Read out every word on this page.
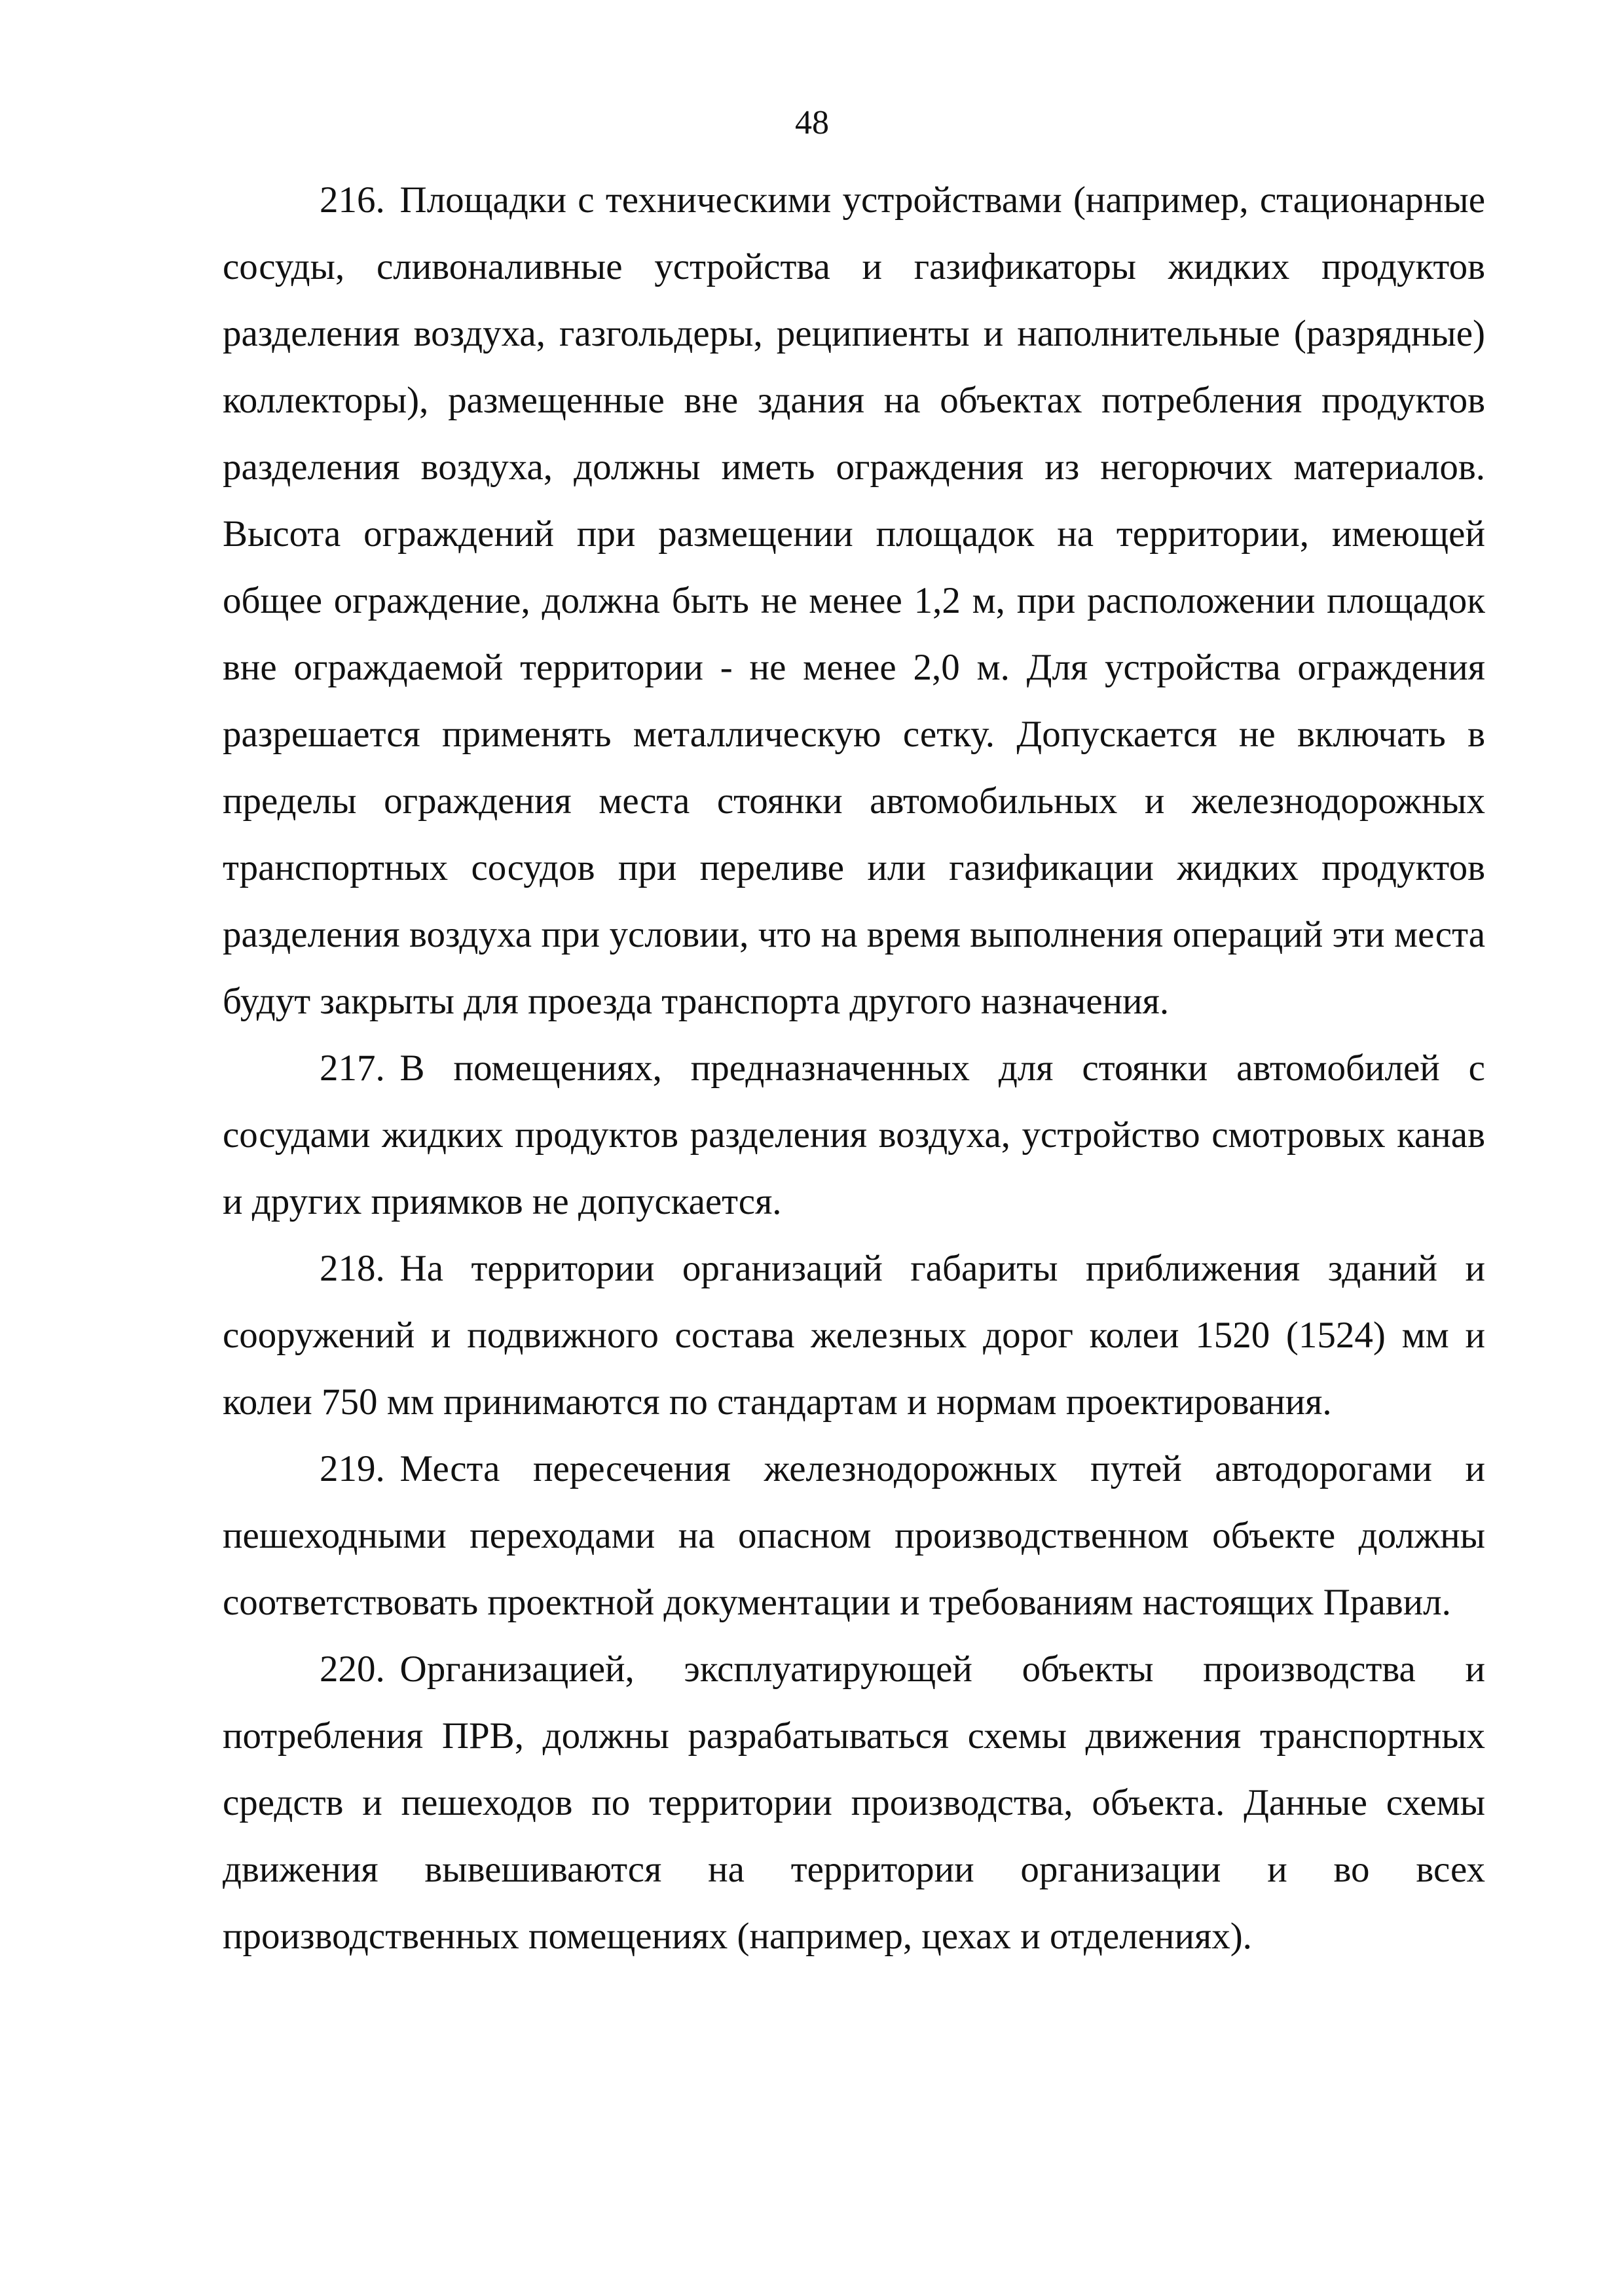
48

216. Площадки с техническими устройствами (например, стационарные сосуды, сливоналивные устройства и газификаторы жидких продуктов разделения воздуха, газгольдеры, реципиенты и наполнительные (разрядные) коллекторы), размещенные вне здания на объектах потребления продуктов разделения воздуха, должны иметь ограждения из негорючих материалов. Высота ограждений при размещении площадок на территории, имеющей общее ограждение, должна быть не менее 1,2 м, при расположении площадок вне ограждаемой территории - не менее 2,0 м. Для устройства ограждения разрешается применять металлическую сетку. Допускается не включать в пределы ограждения места стоянки автомобильных и железнодорожных транспортных сосудов при переливе или газификации жидких продуктов разделения воздуха при условии, что на время выполнения операций эти места будут закрыты для проезда транспорта другого назначения.

217. В помещениях, предназначенных для стоянки автомобилей с сосудами жидких продуктов разделения воздуха, устройство смотровых канав и других приямков не допускается.

218. На территории организаций габариты приближения зданий и сооружений и подвижного состава железных дорог колеи 1520 (1524) мм и колеи 750 мм принимаются по стандартам и нормам проектирования.

219. Места пересечения железнодорожных путей автодорогами и пешеходными переходами на опасном производственном объекте должны соответствовать проектной документации и требованиям настоящих Правил.

220. Организацией, эксплуатирующей объекты производства и потребления ПРВ, должны разрабатываться схемы движения транспортных средств и пешеходов по территории производства, объекта. Данные схемы движения вывешиваются на территории организации и во всех производственных помещениях (например, цехах и отделениях).
